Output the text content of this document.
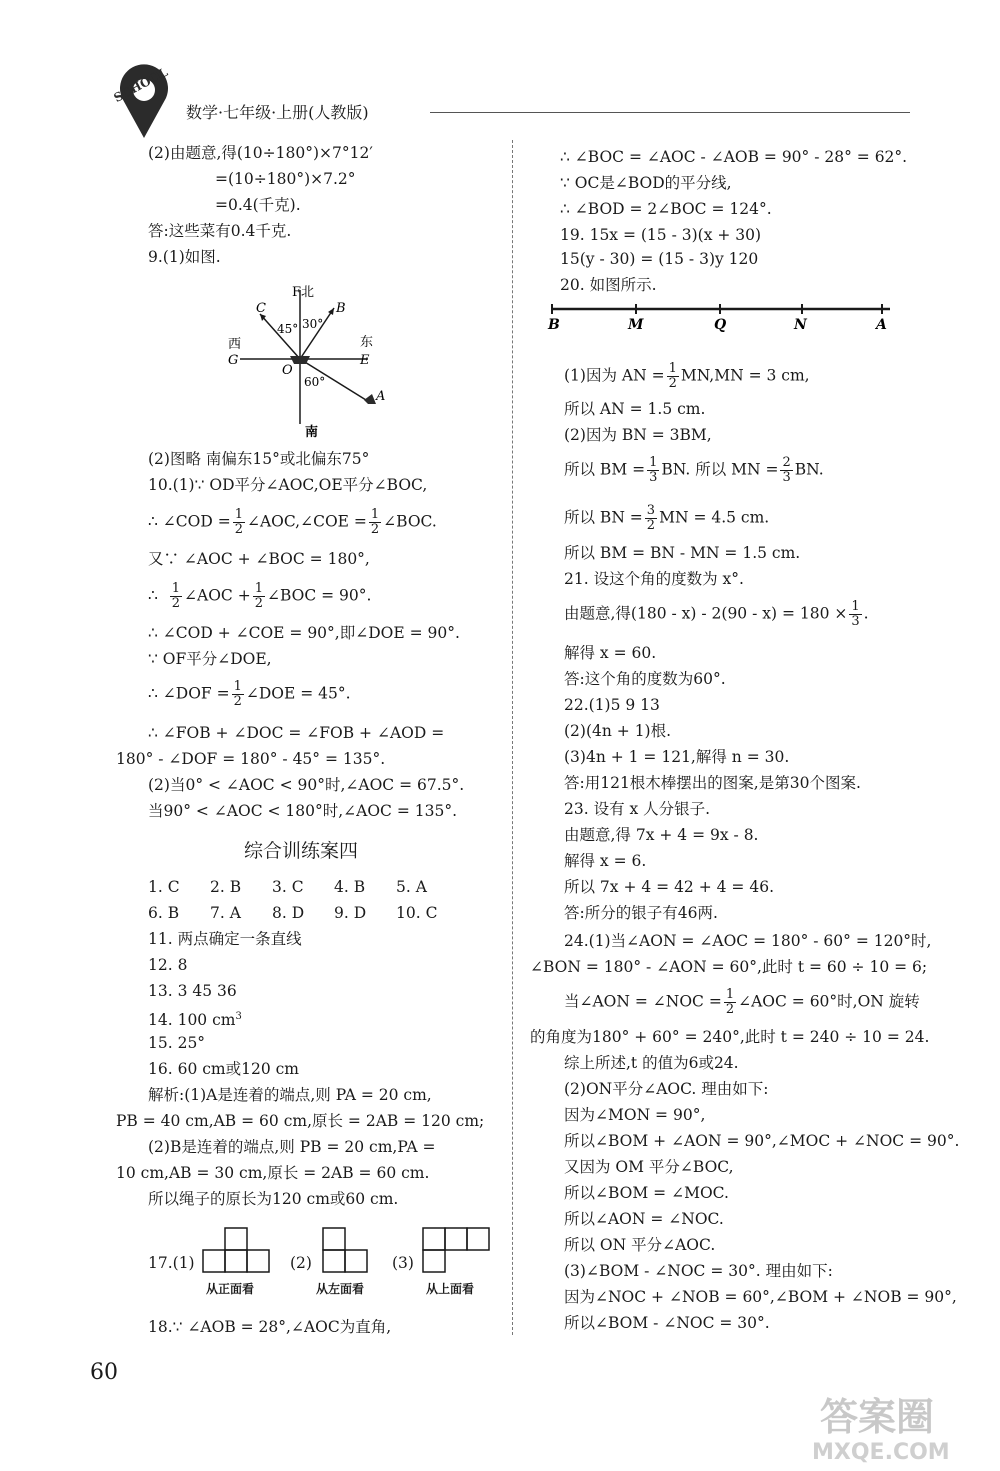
SCHOOL
数学·七年级·上册(人教版)
(2)由题意,得(10÷180°)×7°12′
=(10÷180°)×7.2°
=0.4(千克).
答:这些菜有0.4千克.
9.(1)如图.
F北
南
西	东
G	E
O
C	B
A
45° 30°
60°
(2)图略 南偏东15°或北偏东75°
10.(1)∵ OD平分∠AOC,OE平分∠BOC,
∴ ∠COD = $\frac{1}{2}$ ∠AOC,∠COE = $\frac{1}{2}$ ∠BOC.
又∵ ∠AOC + ∠BOC = 180°,
∴ $\frac{1}{2}$ ∠AOC + $\frac{1}{2}$ ∠BOC = 90°.
∴ ∠COD + ∠COE = 90°,即∠DOE = 90°.
∵ OF平分∠DOE,
∴ ∠DOF = $\frac{1}{2}$ ∠DOE = 45°.
∴ ∠FOB + ∠DOC = ∠FOB + ∠AOD =
180° - ∠DOF = 180° - 45° = 135°.
(2)当0° < ∠AOC < 90°时,∠AOC = 67.5°.
当90° < ∠AOC < 180°时,∠AOC = 135°.
综合训练案四
1. C 2. B 3. C 4. B 5. A
6. B 7. A 8. D 9. D 10. C
11. 两点确定一条直线
12. 8
13. 3 45 36
14. 100 $cm^3$
15. 25°
16. 60 cm或120 cm
解析:(1)A是连着的端点,则 PA = 20 cm,
PB = 40 cm,AB = 60 cm,原长 = 2AB = 120 cm;
(2)B是连着的端点,则 PB = 20 cm,PA =
10 cm,AB = 30 cm,原长 = 2AB = 60 cm.
所以绳子的原长为120 cm或60 cm.
17.(1)
从正面看
(2)
从左面看
(3)
从上面看
18.∵ ∠AOB = 28°,∠AOC为直角,
∴ ∠BOC = ∠AOC - ∠AOB = 90° - 28° = 62°.
∵ OC是∠BOD的平分线,
∴ ∠BOD = 2∠BOC = 124°.
19. 15x = (15 - 3)(x + 30)
15(y - 30) = (15 - 3)y 120
20. 如图所示.
B	M	Q	N	A
(1)因为 AN = $\frac{1}{2} MN,MN = 3$ cm,
所以 AN = 1.5 cm.
(2)因为 BN = 3BM,
所以 BM = $\frac{1}{3}$ BN. 所以 MN = $\frac{2}{3}$ BN.
所以 BN = $\frac{3}{2}$ MN = 4.5 cm.
所以 BM = BN - MN = 1.5 cm.
21. 设这个角的度数为 x°.
由题意,得$(180 - x) - 2(90 - x) = 180 \times \frac{1}{3}$ .
解得 x = 60.
答:这个角的度数为60°.
22.(1)5 9 13
(2)(4n + 1)根.
(3)4n + 1 = 121,解得 n = 30.
答:用121根木棒摆出的图案,是第30个图案.
23. 设有 x 人分银子.
由题意,得 7x + 4 = 9x - 8.
解得 x = 6.
所以 7x + 4 = 42 + 4 = 46.
答:所分的银子有46两.
24.(1)当∠AON = ∠AOC = 180° - 60° = 120°时,
∠BON = 180° - ∠AON = 60°,此时 t = 60 ÷ 10 = 6;
当∠AON = ∠NOC = $\frac{1}{2}$ ∠AOC = 60°时,ON 旋转
的角度为180° + 60° = 240°,此时 t = 240 ÷ 10 = 24.
综上所述,t 的值为6或24.
(2)ON平分∠AOC. 理由如下:
因为∠MON = 90°,
所以∠BOM + ∠AON = 90°,∠MOC + ∠NOC = 90°.
又因为 OM 平分∠BOC,
所以∠BOM = ∠MOC.
所以∠AON = ∠NOC.
所以 ON 平分∠AOC.
(3)∠BOM - ∠NOC = 30°. 理由如下:
因为∠NOC + ∠NOB = 60°,∠BOM + ∠NOB = 90°,
所以∠BOM - ∠NOC = 30°.
60
答案圈
MXQE.COM
